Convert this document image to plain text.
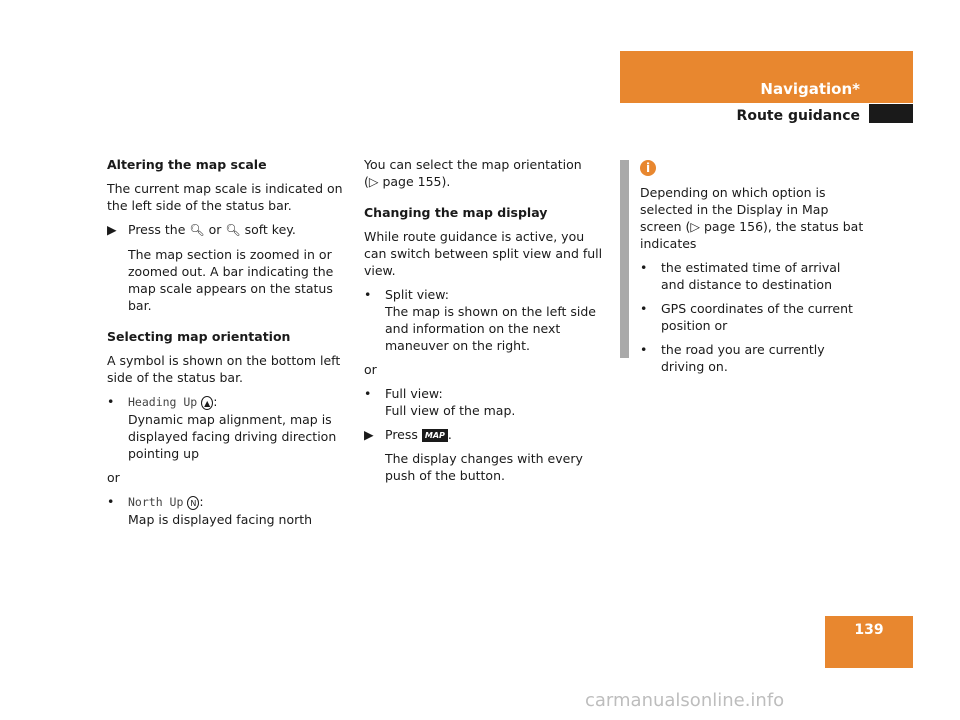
Navigation*
Route guidance
Altering the map scale
The current map scale is indicated on the left side of the status bar.
▶ Press the 🔍︎ or 🔍︎ soft key.
The map section is zoomed in or zoomed out. A bar indicating the map scale appears on the status bar.
Selecting map orientation
A symbol is shown on the bottom left side of the status bar.
•	Heading Up ▲ :
Dynamic map alignment, map is displayed facing driving direction pointing up
or
•	North Up N :
Map is displayed facing north
You can select the map orientation
(▷ page 155).
Changing the map display
While route guidance is active, you can switch between split view and full view.
•	Split view:
The map is shown on the left side and information on the next maneuver on the right.
or
•	Full view:
Full view of the map.
▶ Press MAP .
The display changes with every push of the button.
i
Depending on which option is selected in the Display in Map screen (▷ page 156), the status bat indicates
•	the estimated time of arrival and distance to destination
•	GPS coordinates of the current position or
•	the road you are currently driving on.
139
carmanualsonline.info
